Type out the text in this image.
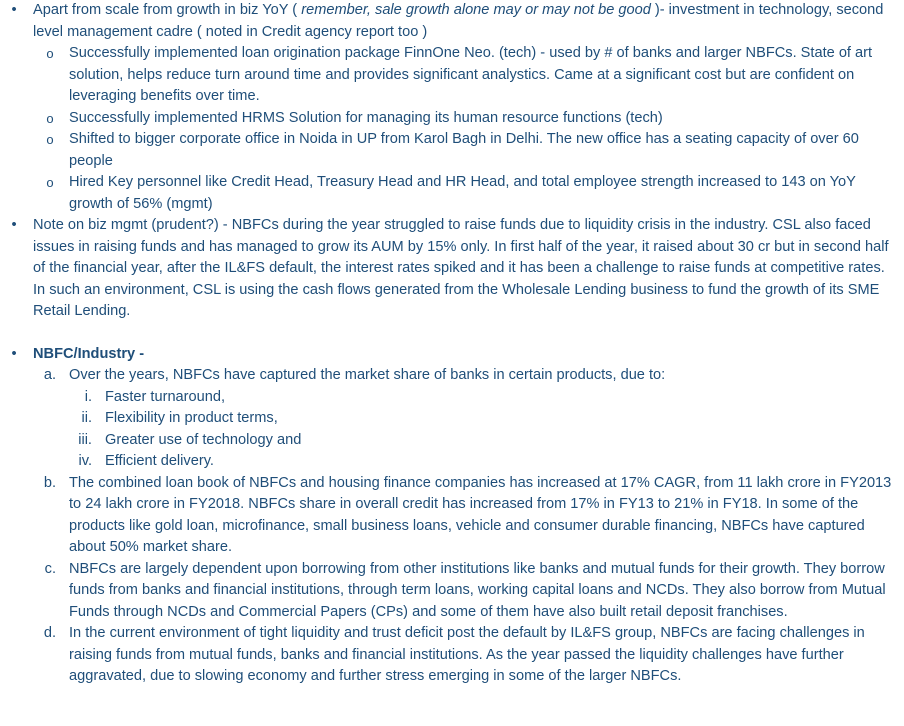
• Apart from scale from growth in biz YoY ( remember, sale growth alone may or may not be good )- investment in technology, second level management cadre ( noted in Credit agency report too )
o Successfully implemented loan origination package FinnOne Neo. (tech) - used by # of banks and larger NBFCs. State of art solution, helps reduce turn around time and provides significant analystics. Came at a significant cost but are confident on leveraging benefits over time.
o Successfully implemented HRMS Solution for managing its human resource functions (tech)
o Shifted to bigger corporate office in Noida in UP from Karol Bagh in Delhi. The new office has a seating capacity of over 60 people
o Hired Key personnel like Credit Head, Treasury Head and HR Head, and total employee strength increased to 143 on YoY growth of 56% (mgmt)
• Note on biz mgmt (prudent?) - NBFCs during the year struggled to raise funds due to liquidity crisis in the industry. CSL also faced issues in raising funds and has managed to grow its AUM by 15% only. In first half of the year, it raised about 30 cr but in second half of the financial year, after the IL&FS default, the interest rates spiked and it has been a challenge to raise funds at competitive rates. In such an environment, CSL is using the cash flows generated from the Wholesale Lending business to fund the growth of its SME Retail Lending.
• NBFC/Industry -
a. Over the years, NBFCs have captured the market share of banks in certain products, due to:
i. Faster turnaround,
ii. Flexibility in product terms,
iii. Greater use of technology and
iv. Efficient delivery.
b. The combined loan book of NBFCs and housing finance companies has increased at 17% CAGR, from 11 lakh crore in FY2013 to 24 lakh crore in FY2018. NBFCs share in overall credit has increased from 17% in FY13 to 21% in FY18. In some of the products like gold loan, microfinance, small business loans, vehicle and consumer durable financing, NBFCs have captured about 50% market share.
c. NBFCs are largely dependent upon borrowing from other institutions like banks and mutual funds for their growth. They borrow funds from banks and financial institutions, through term loans, working capital loans and NCDs. They also borrow from Mutual Funds through NCDs and Commercial Papers (CPs) and some of them have also built retail deposit franchises.
d. In the current environment of tight liquidity and trust deficit post the default by IL&FS group, NBFCs are facing challenges in raising funds from mutual funds, banks and financial institutions. As the year passed the liquidity challenges have further aggravated, due to slowing economy and further stress emerging in some of the larger NBFCs.
